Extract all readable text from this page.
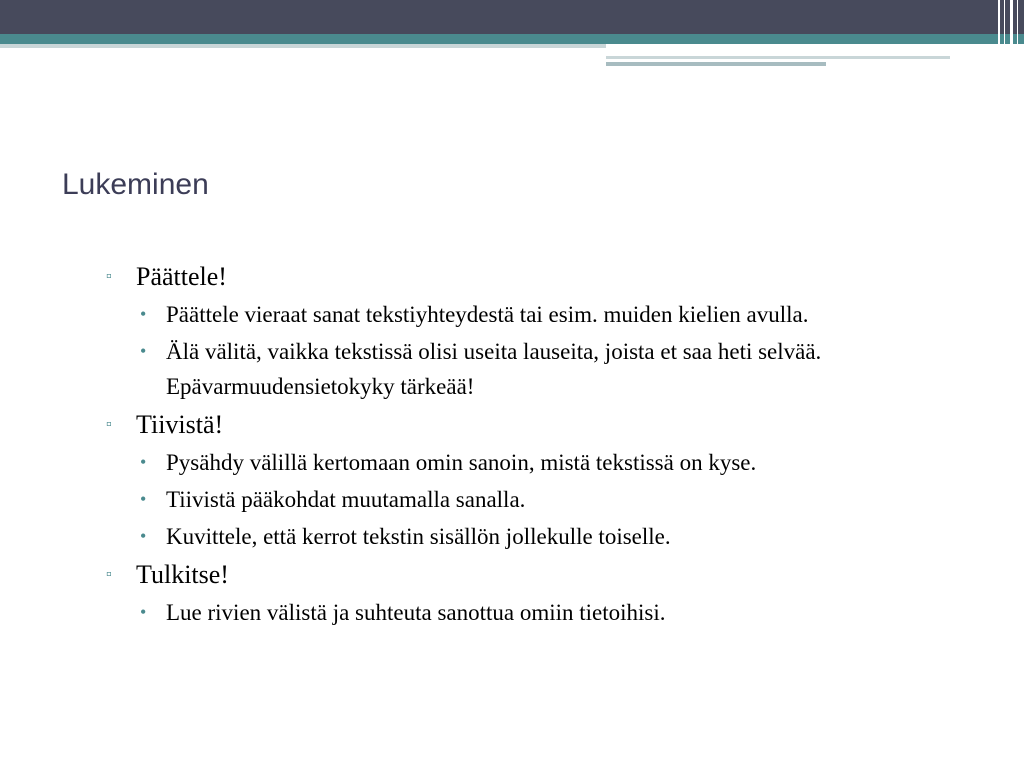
Lukeminen
▫ Päättele!
• Päättele vieraat sanat tekstiyhteydestä tai esim. muiden kielien avulla.
• Älä välitä, vaikka tekstissä olisi useita lauseita, joista et saa heti selvää. Epävarmuudensietokyky tärkeää!
▫ Tiivistä!
• Pysähdy välillä kertomaan omin sanoin, mistä tekstissä on kyse.
• Tiivistä pääkohdat muutamalla sanalla.
• Kuvittele, että kerrot tekstin sisällön jollekulle toiselle.
▫ Tulkitse!
• Lue rivien välistä ja suhteuta sanottua omiin tietoihisi.
